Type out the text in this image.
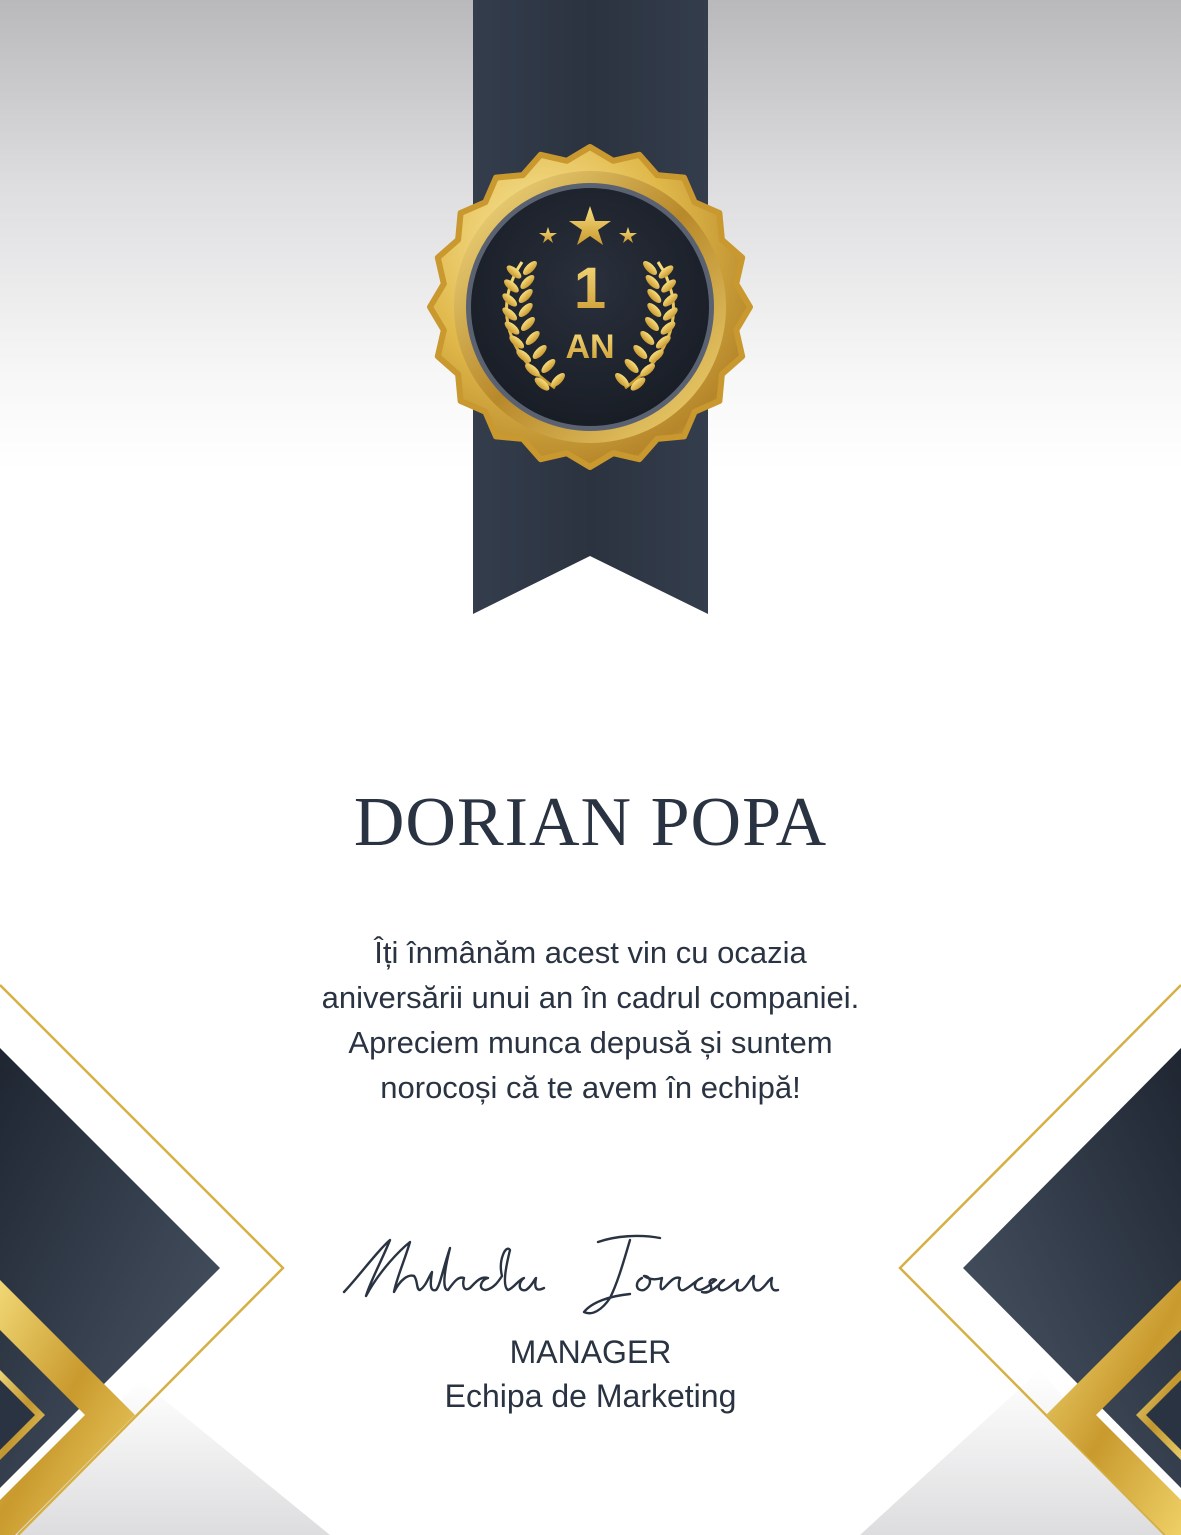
1
AN
DORIAN POPA
Îți înmânăm acest vin cu ocazia
aniversării unui an în cadrul companiei.
Apreciem munca depusă și suntem
norocoși că te avem în echipă!
MANAGER
Echipa de Marketing
